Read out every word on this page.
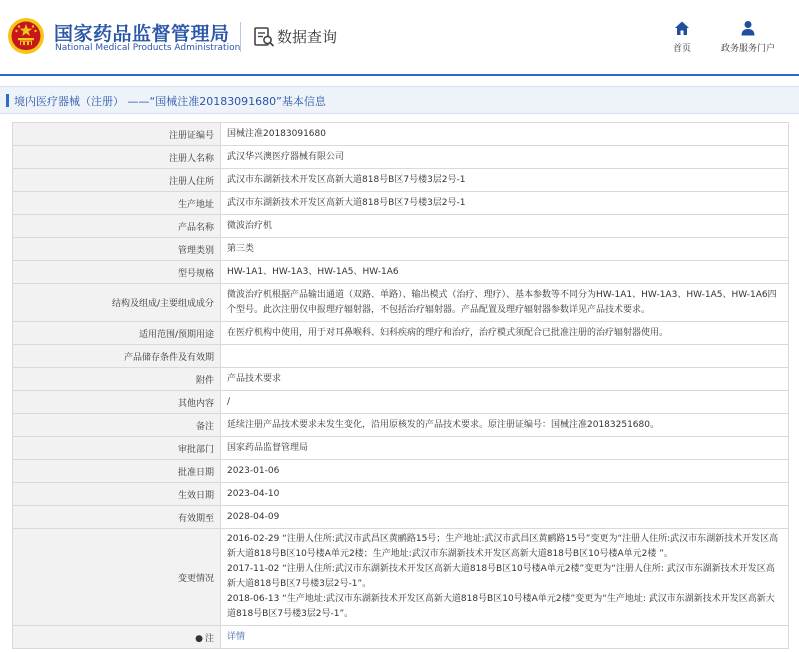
国家药品监督管理局
National Medical Products Administration
数据查询
首页	政务服务门户
境内医疗器械（注册） ——“国械注准20183091680”基本信息
注册证编号	国械注准20183091680
注册人名称	武汉华兴澳医疗器械有限公司
注册人住所	武汉市东湖新技术开发区高新大道818号B区7号楼3层2号-1
生产地址	武汉市东湖新技术开发区高新大道818号B区7号楼3层2号-1
产品名称	微波治疗机
管理类别	第三类
型号规格	HW-1A1、HW-1A3、HW-1A5、HW-1A6
结构及组成/主要组成成分	微波治疗机根据产品输出通道（双路、单路）、输出模式（治疗、理疗）、基本参数等不同分为HW-1A1、HW-1A3、HW-1A5、HW-1A6四个型号。此次注册仅申报理疗辐射器，不包括治疗辐射器。产品配置及理疗辐射器参数详见产品技术要求。
适用范围/预期用途	在医疗机构中使用，用于对耳鼻喉科、妇科疾病的理疗和治疗，治疗模式须配合已批准注册的治疗辐射器使用。
产品储存条件及有效期	
附件	产品技术要求
其他内容	/
备注	延续注册产品技术要求未发生变化，沿用原核发的产品技术要求。原注册证编号：国械注准20183251680。
审批部门	国家药品监督管理局
批准日期	2023-01-06
生效日期	2023-04-10
有效期至	2028-04-09
变更情况	2016-02-29 “注册人住所:武汉市武昌区黄鹂路15号；生产地址:武汉市武昌区黄鹂路15号”变更为“注册人住所:武汉市东湖新技术开发区高新大道818号B区10号楼A单元2楼；生产地址:武汉市东湖新技术开发区高新大道818号B区10号楼A单元2楼 ”。
2017-11-02 “注册人住所:武汉市东湖新技术开发区高新大道818号B区10号楼A单元2楼”变更为“注册人住所: 武汉市东湖新技术开发区高新大道818号B区7号楼3层2号-1”。
2018-06-13 “生产地址:武汉市东湖新技术开发区高新大道818号B区10号楼A单元2楼”变更为“生产地址: 武汉市东湖新技术开发区高新大道818号B区7号楼3层2号-1”。

● 注	详情
